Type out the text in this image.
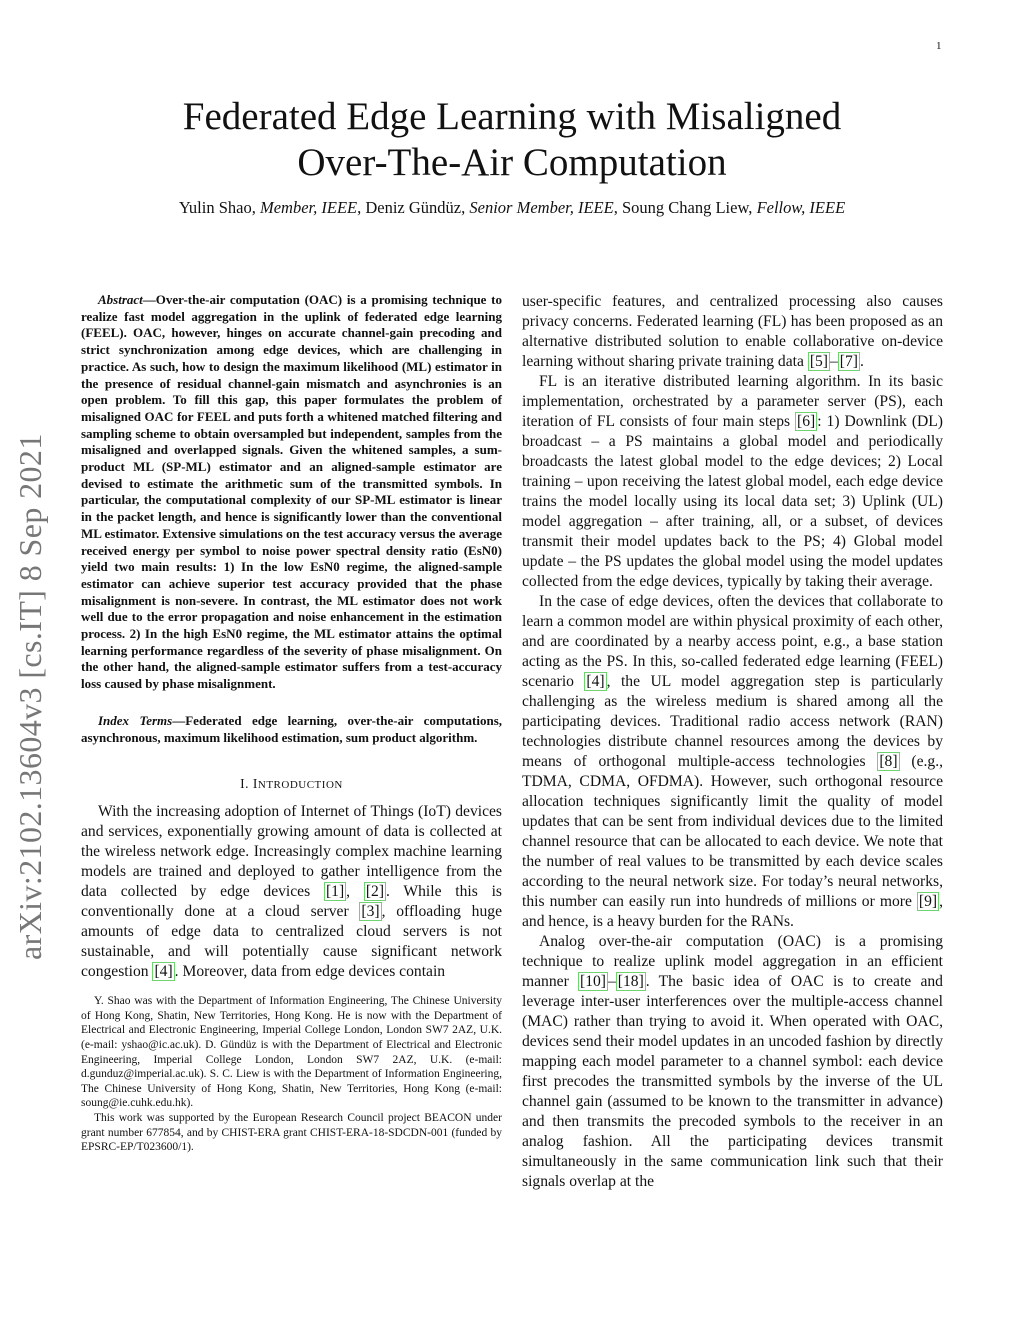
1
arXiv:2102.13604v3 [cs.IT] 8 Sep 2021
Federated Edge Learning with Misaligned
Over-The-Air Computation
Yulin Shao, Member, IEEE, Deniz Gündüz, Senior Member, IEEE, Soung Chang Liew, Fellow, IEEE

Abstract—Over-the-air computation (OAC) is a promising technique to realize fast model aggregation in the uplink of federated edge learning (FEEL). OAC, however, hinges on accurate channel-gain precoding and strict synchronization among edge devices, which are challenging in practice. As such, how to design the maximum likelihood (ML) estimator in the presence of residual channel-gain mismatch and asynchronies is an open problem. To fill this gap, this paper formulates the problem of misaligned OAC for FEEL and puts forth a whitened matched filtering and sampling scheme to obtain oversampled but independent, samples from the misaligned and overlapped signals. Given the whitened samples, a sum-product ML (SP-ML) estimator and an aligned-sample estimator are devised to estimate the arithmetic sum of the transmitted symbols. In particular, the computational complexity of our SP-ML estimator is linear in the packet length, and hence is significantly lower than the conventional ML estimator. Extensive simulations on the test accuracy versus the average received energy per symbol to noise power spectral density ratio (EsN0) yield two main results: 1) In the low EsN0 regime, the aligned-sample estimator can achieve superior test accuracy provided that the phase misalignment is non-severe. In contrast, the ML estimator does not work well due to the error propagation and noise enhancement in the estimation process. 2) In the high EsN0 regime, the ML estimator attains the optimal learning performance regardless of the severity of phase misalignment. On the other hand, the aligned-sample estimator suffers from a test-accuracy loss caused by phase misalignment.

Index Terms—Federated edge learning, over-the-air computations, asynchronous, maximum likelihood estimation, sum product algorithm.

I. INTRODUCTION

With the increasing adoption of Internet of Things (IoT) devices and services, exponentially growing amount of data is collected at the wireless network edge. Increasingly complex machine learning models are trained and deployed to gather intelligence from the data collected by edge devices [1] , [2] . While this is conventionally done at a cloud server [3] , offloading huge amounts of edge data to centralized cloud servers is not sustainable, and will potentially cause significant network congestion [4] . Moreover, data from edge devices contain

Y. Shao was with the Department of Information Engineering, The Chinese University of Hong Kong, Shatin, New Territories, Hong Kong. He is now with the Department of Electrical and Electronic Engineering, Imperial College London, London SW7 2AZ, U.K. (e-mail: yshao@ic.ac.uk). D. Gündüz is with the Department of Electrical and Electronic Engineering, Imperial College London, London SW7 2AZ, U.K. (e-mail: d.gunduz@imperial.ac.uk). S. C. Liew is with the Department of Information Engineering, The Chinese University of Hong Kong, Shatin, New Territories, Hong Kong (e-mail: soung@ie.cuhk.edu.hk).

This work was supported by the European Research Council project BEACON under grant number 677854, and by CHIST-ERA grant CHIST-ERA-18-SDCDN-001 (funded by EPSRC-EP/T023600/1).

user-specific features, and centralized processing also causes privacy concerns. Federated learning (FL) has been proposed as an alternative distributed solution to enable collaborative on-device learning without sharing private training data [5] – [7] .

FL is an iterative distributed learning algorithm. In its basic implementation, orchestrated by a parameter server (PS), each iteration of FL consists of four main steps [6] : 1) Downlink (DL) broadcast – a PS maintains a global model and periodically broadcasts the latest global model to the edge devices; 2) Local training – upon receiving the latest global model, each edge device trains the model locally using its local data set; 3) Uplink (UL) model aggregation – after training, all, or a subset, of devices transmit their model updates back to the PS; 4) Global model update – the PS updates the global model using the model updates collected from the edge devices, typically by taking their average.

In the case of edge devices, often the devices that collaborate to learn a common model are within physical proximity of each other, and are coordinated by a nearby access point, e.g., a base station acting as the PS. In this, so-called federated edge learning (FEEL) scenario [4] , the UL model aggregation step is particularly challenging as the wireless medium is shared among all the participating devices. Traditional radio access network (RAN) technologies distribute channel resources among the devices by means of orthogonal multiple-access technologies [8] (e.g., TDMA, CDMA, OFDMA). However, such orthogonal resource allocation techniques significantly limit the quality of model updates that can be sent from individual devices due to the limited channel resource that can be allocated to each device. We note that the number of real values to be transmitted by each device scales according to the neural network size. For today’s neural networks, this number can easily run into hundreds of millions or more [9] , and hence, is a heavy burden for the RANs.

Analog over-the-air computation (OAC) is a promising technique to realize uplink model aggregation in an efficient manner [10] – [18] . The basic idea of OAC is to create and leverage inter-user interferences over the multiple-access channel (MAC) rather than trying to avoid it. When operated with OAC, devices send their model updates in an uncoded fashion by directly mapping each model parameter to a channel symbol: each device first precodes the transmitted symbols by the inverse of the UL channel gain (assumed to be known to the transmitter in advance) and then transmits the precoded symbols to the receiver in an analog fashion. All the participating devices transmit simultaneously in the same communication link such that their signals overlap at the
